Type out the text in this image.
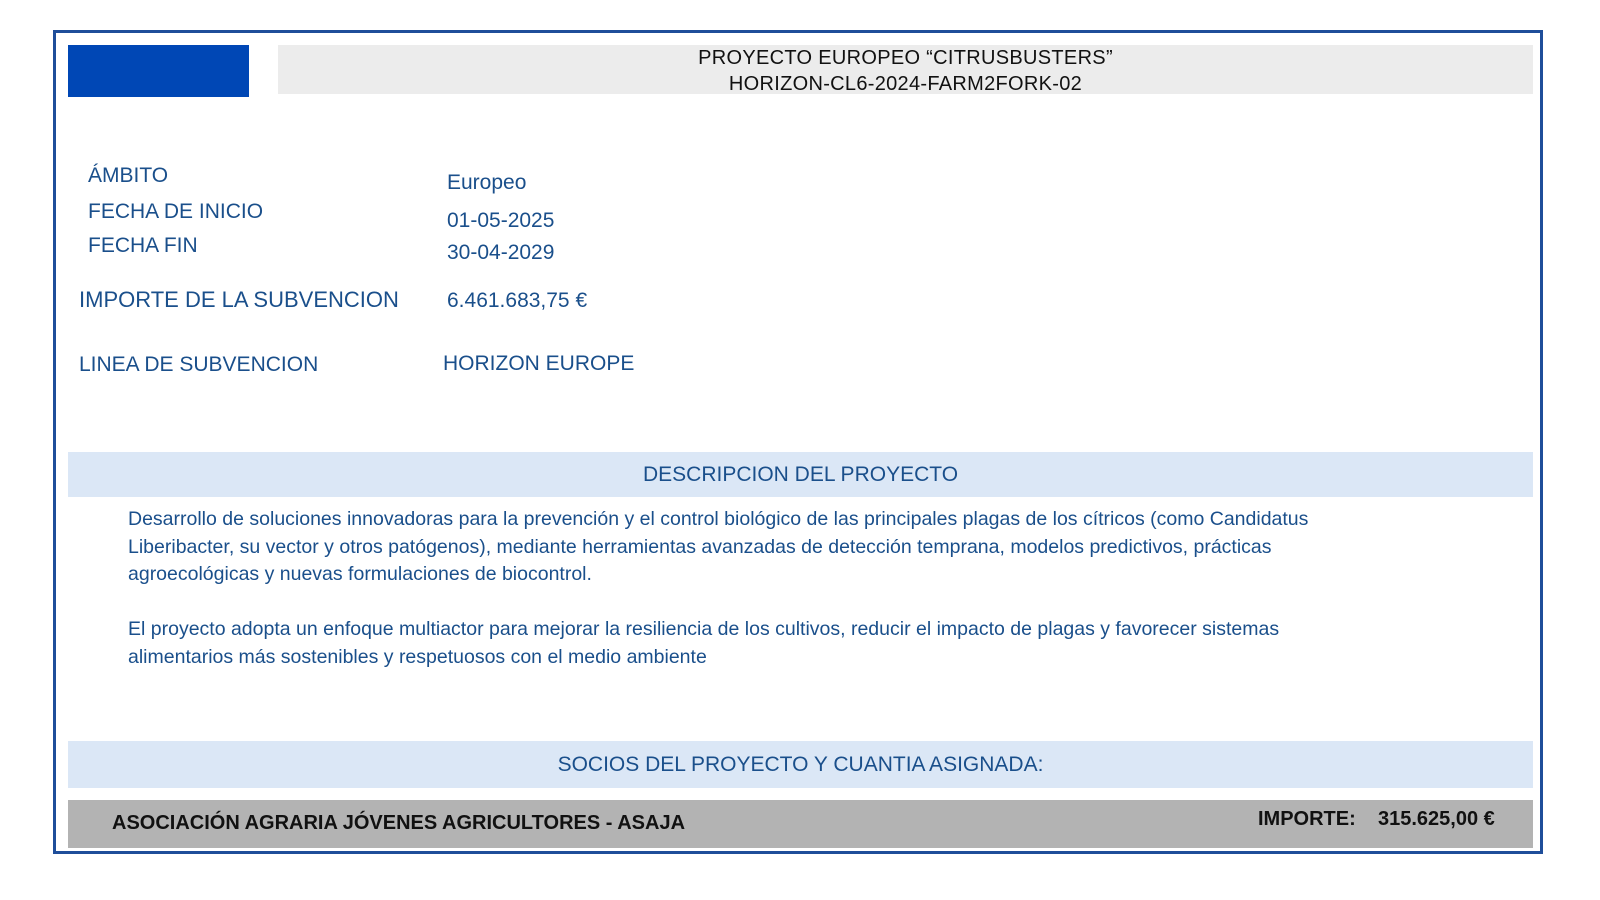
PROYECTO EUROPEO “CITRUSBUSTERS”
HORIZON-CL6-2024-FARM2FORK-02
ÁMBITO	Europeo
FECHA DE INICIO	01-05-2025
FECHA FIN	30-04-2029
IMPORTE DE LA SUBVENCION 6.461.683,75 €
LINEA DE SUBVENCION	HORIZON EUROPE
DESCRIPCION DEL PROYECTO
Desarrollo de soluciones innovadoras para la prevención y el control biológico de las principales plagas de los cítricos (como Candidatus Liberibacter, su vector y otros patógenos), mediante herramientas avanzadas de detección temprana, modelos predictivos, prácticas agroecológicas y nuevas formulaciones de biocontrol.
El proyecto adopta un enfoque multiactor para mejorar la resiliencia de los cultivos, reducir el impacto de plagas y favorecer sistemas alimentarios más sostenibles y respetuosos con el medio ambiente
SOCIOS DEL PROYECTO Y CUANTIA ASIGNADA:
ASOCIACIÓN AGRARIA JÓVENES AGRICULTORES - ASAJA	IMPORTE: 315.625,00 €
